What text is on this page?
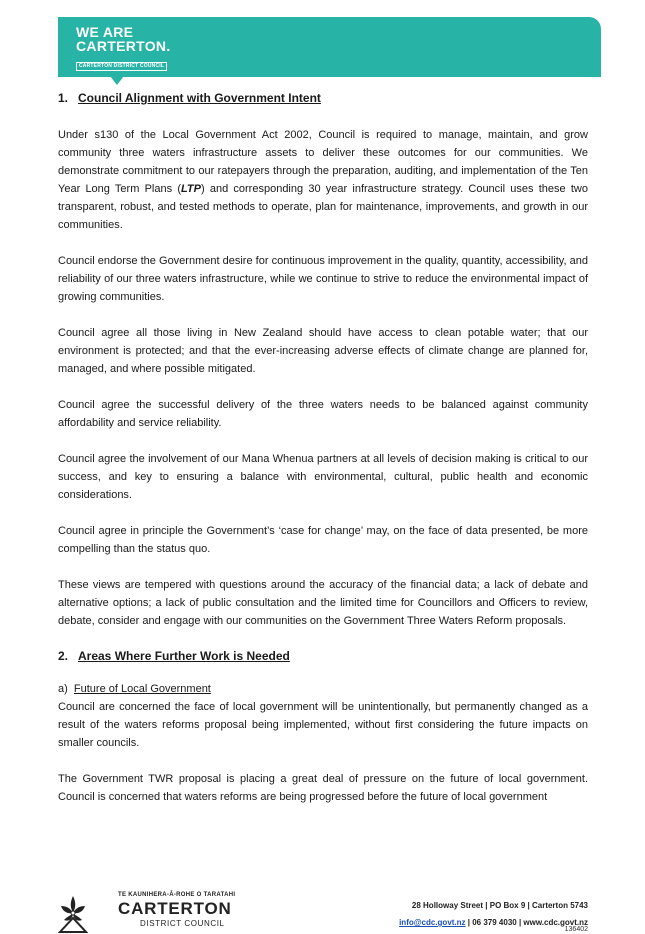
WE ARE
CARTERTON.
CARTERTON DISTRICT COUNCIL
1. Council Alignment with Government Intent

Under s130 of the Local Government Act 2002, Council is required to manage, maintain, and grow community three waters infrastructure assets to deliver these outcomes for our communities. We demonstrate commitment to our ratepayers through the preparation, auditing, and implementation of the Ten Year Long Term Plans (LTP) and corresponding 30 year infrastructure strategy. Council uses these two transparent, robust, and tested methods to operate, plan for maintenance, improvements, and growth in our communities.

Council endorse the Government desire for continuous improvement in the quality, quantity, accessibility, and reliability of our three waters infrastructure, while we continue to strive to reduce the environmental impact of growing communities.

Council agree all those living in New Zealand should have access to clean potable water; that our environment is protected; and that the ever-increasing adverse effects of climate change are planned for, managed, and where possible mitigated.

Council agree the successful delivery of the three waters needs to be balanced against community affordability and service reliability.

Council agree the involvement of our Mana Whenua partners at all levels of decision making is critical to our success, and key to ensuring a balance with environmental, cultural, public health and economic considerations.

Council agree in principle the Government’s ‘case for change’ may, on the face of data presented, be more compelling than the status quo.

These views are tempered with questions around the accuracy of the financial data; a lack of debate and alternative options; a lack of public consultation and the limited time for Councillors and Officers to review, debate, consider and engage with our communities on the Government Three Waters Reform proposals.

2. Areas Where Further Work is Needed
a) Future of Local Government

Council are concerned the face of local government will be unintentionally, but permanently changed as a result of the waters reforms proposal being implemented, without first considering the future impacts on smaller councils.

The Government TWR proposal is placing a great deal of pressure on the future of local government. Council is concerned that waters reforms are being progressed before the future of local government

TE KAUNIHERA-Ā-ROHE O TARATAHI
CARTERTON
DISTRICT COUNCIL
28 Holloway Street | PO Box 9 | Carterton 5743
info@cdc.govt.nz | 06 379 4030 | www.cdc.govt.nz
136402
